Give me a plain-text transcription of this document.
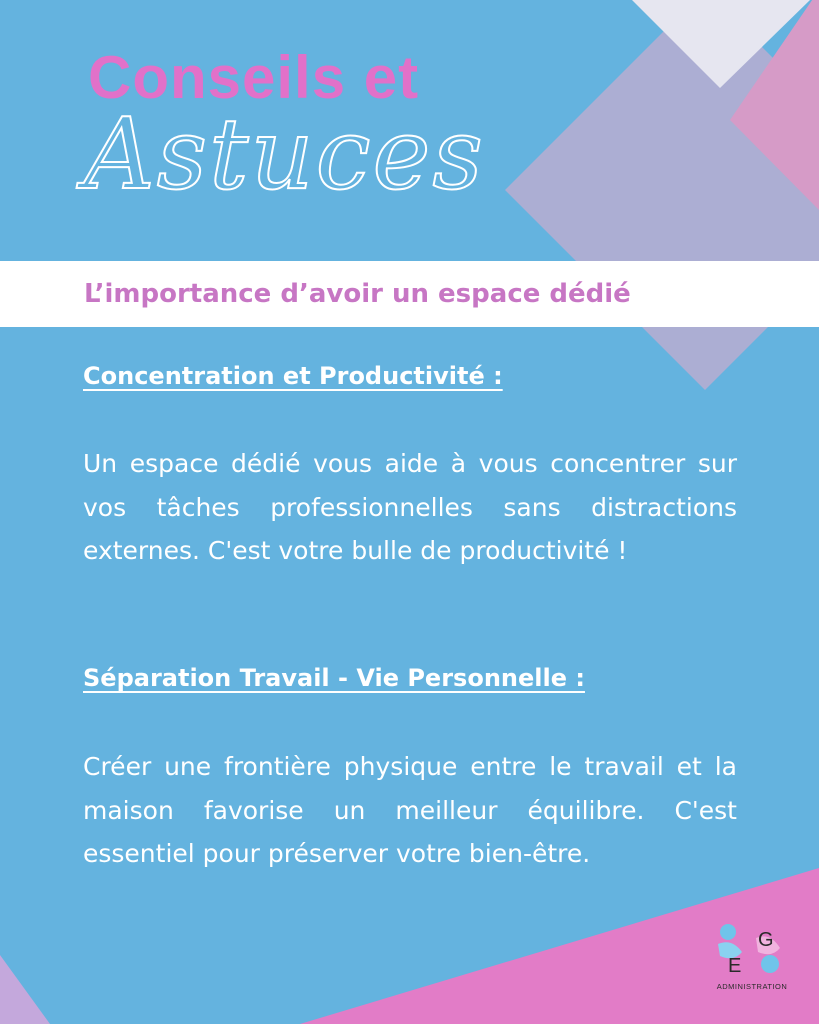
Conseils et
Astuces

L’importance d’avoir un espace dédié

Concentration et Productivité :

Un espace dédié vous aide à vous concentrer sur vos tâches professionnelles sans distractions externes. C'est votre bulle de productivité !

Séparation Travail - Vie Personnelle :

Créer une frontière physique entre le travail et la maison favorise un meilleur équilibre. C'est essentiel pour préserver votre bien-être.

G
E
ADMINISTRATION
